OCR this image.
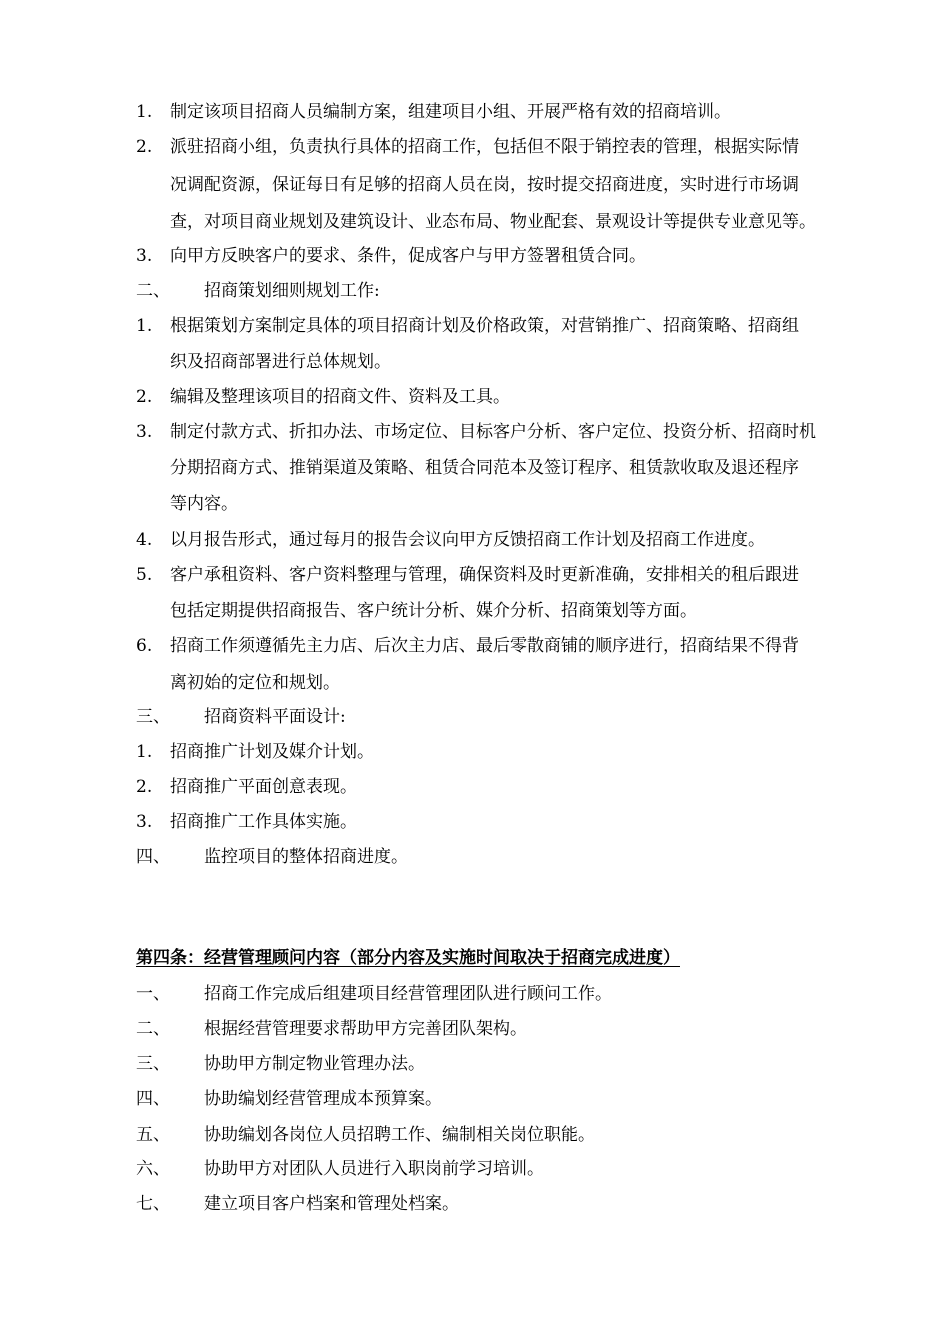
1. 制定该项目招商人员编制方案，组建项目小组、开展严格有效的招商培训。
2. 派驻招商小组，负责执行具体的招商工作，包括但不限于销控表的管理，根据实际情
况调配资源，保证每日有足够的招商人员在岗，按时提交招商进度，实时进行市场调
查，对项目商业规划及建筑设计、业态布局、物业配套、景观设计等提供专业意见等。
3. 向甲方反映客户的要求、条件，促成客户与甲方签署租赁合同。
二、 招商策划细则规划工作:
1. 根据策划方案制定具体的项目招商计划及价格政策，对营销推广、招商策略、招商组
织及招商部署进行总体规划。
2. 编辑及整理该项目的招商文件、资料及工具。
3. 制定付款方式、折扣办法、市场定位、目标客户分析、客户定位、投资分析、招商时机
分期招商方式、推销渠道及策略、租赁合同范本及签订程序、租赁款收取及退还程序
等内容。
4. 以月报告形式，通过每月的报告会议向甲方反馈招商工作计划及招商工作进度。
5. 客户承租资料、客户资料整理与管理，确保资料及时更新准确，安排相关的租后跟进
包括定期提供招商报告、客户统计分析、媒介分析、招商策划等方面。
6. 招商工作须遵循先主力店、后次主力店、最后零散商铺的顺序进行，招商结果不得背
离初始的定位和规划。
三、 招商资料平面设计:
1. 招商推广计划及媒介计划。
2. 招商推广平面创意表现。
3. 招商推广工作具体实施。
四、 监控项目的整体招商进度。
第四条：经营管理顾问内容（部分内容及实施时间取决于招商完成进度）
一、 招商工作完成后组建项目经营管理团队进行顾问工作。
二、 根据经营管理要求帮助甲方完善团队架构。
三、 协助甲方制定物业管理办法。
四、 协助编划经营管理成本预算案。
五、 协助编划各岗位人员招聘工作、编制相关岗位职能。
六、 协助甲方对团队人员进行入职岗前学习培训。
七、 建立项目客户档案和管理处档案。
